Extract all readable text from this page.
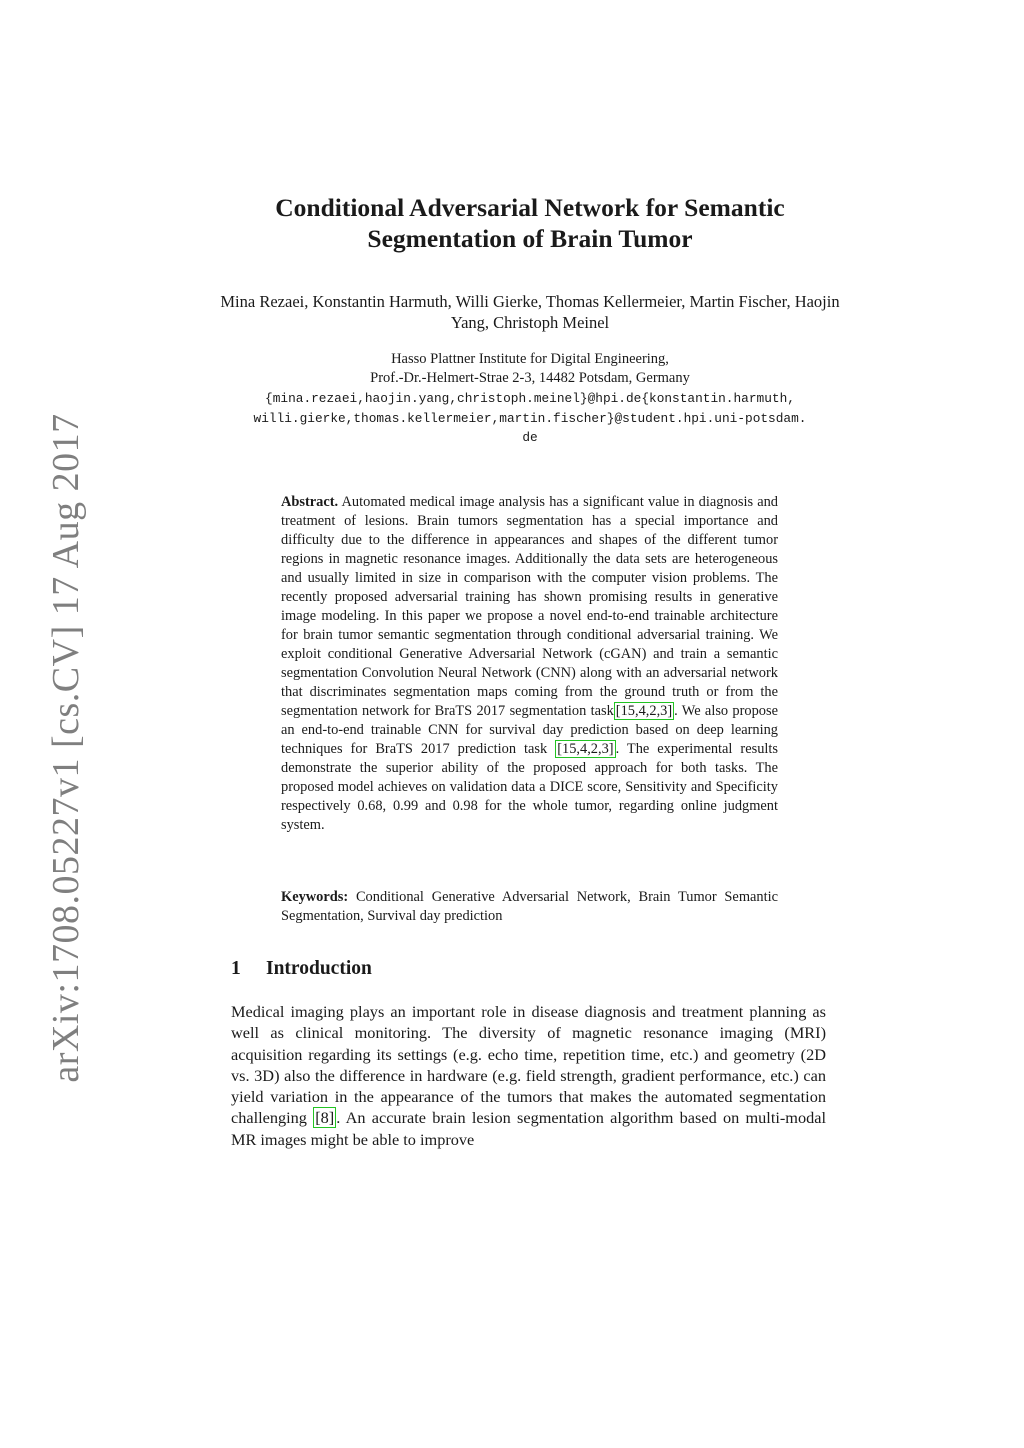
arXiv:1708.05227v1 [cs.CV] 17 Aug 2017
Conditional Adversarial Network for Semantic
Segmentation of Brain Tumor
Mina Rezaei, Konstantin Harmuth, Willi Gierke, Thomas Kellermeier, Martin Fischer, Haojin Yang, Christoph Meinel
Hasso Plattner Institute for Digital Engineering,
Prof.-Dr.-Helmert-Strae 2-3, 14482 Potsdam, Germany
{mina.rezaei,haojin.yang,christoph.meinel}@hpi.de{konstantin.harmuth,
willi.gierke,thomas.kellermeier,martin.fischer}@student.hpi.uni-potsdam.
de

Abstract. Automated medical image analysis has a significant value in diagnosis and treatment of lesions. Brain tumors segmentation has a special importance and difficulty due to the difference in appearances and shapes of the different tumor regions in magnetic resonance images. Additionally the data sets are heterogeneous and usually limited in size in comparison with the computer vision problems. The recently proposed adversarial training has shown promising results in generative image modeling. In this paper we propose a novel end-to-end trainable architecture for brain tumor semantic segmentation through conditional adversarial training. We exploit conditional Generative Adversarial Network (cGAN) and train a semantic segmentation Convolution Neural Network (CNN) along with an adversarial network that discriminates segmentation maps coming from the ground truth or from the segmentation network for BraTS 2017 segmentation task [15,4,2,3] . We also propose an end-to-end trainable CNN for survival day prediction based on deep learning techniques for BraTS 2017 prediction task [15,4,2,3] . The experimental results demonstrate the superior ability of the proposed approach for both tasks. The proposed model achieves on validation data a DICE score, Sensitivity and Specificity respectively 0.68, 0.99 and 0.98 for the whole tumor, regarding online judgment system.

Keywords: Conditional Generative Adversarial Network, Brain Tumor Semantic Segmentation, Survival day prediction

1 Introduction

Medical imaging plays an important role in disease diagnosis and treatment planning as well as clinical monitoring. The diversity of magnetic resonance imaging (MRI) acquisition regarding its settings (e.g. echo time, repetition time, etc.) and geometry (2D vs. 3D) also the difference in hardware (e.g. field strength, gradient performance, etc.) can yield variation in the appearance of the tumors that makes the automated segmentation challenging [8] . An accurate brain lesion segmentation algorithm based on multi-modal MR images might be able to improve
